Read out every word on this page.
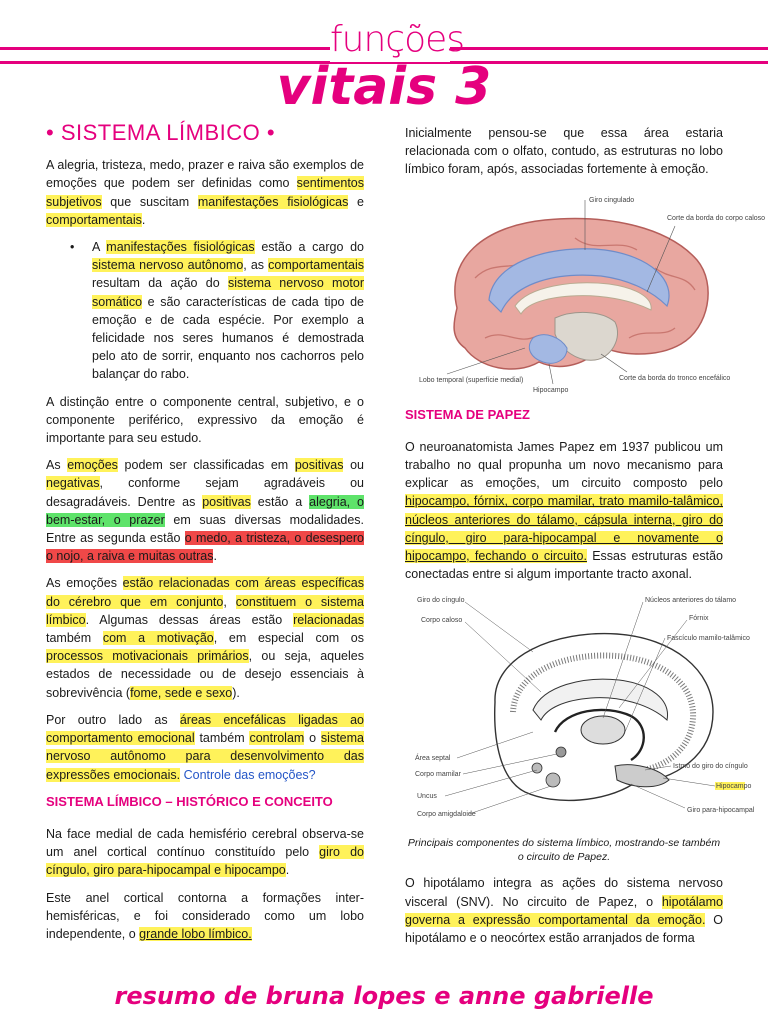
funções
vitais 3
• SISTEMA LÍMBICO •

A alegria, tristeza, medo, prazer e raiva são exemplos de emoções que podem ser definidas como sentimentos subjetivos que suscitam manifestações fisiológicas e comportamentais.

• A manifestações fisiológicas estão a cargo do sistema nervoso autônomo, as comportamentais resultam da ação do sistema nervoso motor somático e são características de cada tipo de emoção e de cada espécie. Por exemplo a felicidade nos seres humanos é demostrada pelo ato de sorrir, enquanto nos cachorros pelo balançar do rabo.

A distinção entre o componente central, subjetivo, e o componente periférico, expressivo da emoção é importante para seu estudo.

As emoções podem ser classificadas em positivas ou negativas, conforme sejam agradáveis ou desagradáveis. Dentre as positivas estão a alegria, o bem-estar, o prazer em suas diversas modalidades. Entre as segunda estão o medo, a tristeza, o desespero o nojo, a raiva e muitas outras.

As emoções estão relacionadas com áreas específicas do cérebro que em conjunto, constituem o sistema límbico. Algumas dessas áreas estão relacionadas também com a motivação, em especial com os processos motivacionais primários, ou seja, aqueles estados de necessidade ou de desejo essenciais à sobrevivência (fome, sede e sexo).

Por outro lado as áreas encefálicas ligadas ao comportamento emocional também controlam o sistema nervoso autônomo para desenvolvimento das expressões emocionais. Controle das emoções?

SISTEMA LÍMBICO – HISTÓRICO E CONCEITO

Na face medial de cada hemisfério cerebral observa-se um anel cortical contínuo constituído pelo giro do cíngulo, giro para-hipocampal e hipocampo.

Este anel cortical contorna a formações inter-hemisféricas, e foi considerado como um lobo independente, o grande lobo límbico.

Inicialmente pensou-se que essa área estaria relacionada com o olfato, contudo, as estruturas no lobo límbico foram, após, associadas fortemente à emoção.

Giro cingulado
Corte da borda do corpo caloso
Lobo temporal (superfície medial)
Hipocampo
Corte da borda do tronco encefálico
SISTEMA DE PAPEZ

O neuroanatomista James Papez em 1937 publicou um trabalho no qual propunha um novo mecanismo para explicar as emoções, um circuito composto pelo hipocampo, fórnix, corpo mamilar, trato mamilo-talâmico, núcleos anteriores do tálamo, cápsula interna, giro do cíngulo, giro para-hipocampal e novamente o hipocampo, fechando o circuito. Essas estruturas estão conectadas entre si algum importante tracto axonal.

Giro do cíngulo
Corpo caloso
Núcleos anteriores do tálamo
Fórnix
Fascículo mamilo-talâmico
Área septal
Corpo mamilar
Uncus
Corpo amigdaloide
Istmo do giro do cíngulo
Hipocampo
Giro para-hipocampal
Principais componentes do sistema límbico, mostrando-se também o circuito de Papez.

O hipotálamo integra as ações do sistema nervoso visceral (SNV). No circuito de Papez, o hipotálamo governa a expressão comportamental da emoção. O hipotálamo e o neocórtex estão arranjados de forma

resumo de bruna lopes e anne gabrielle
